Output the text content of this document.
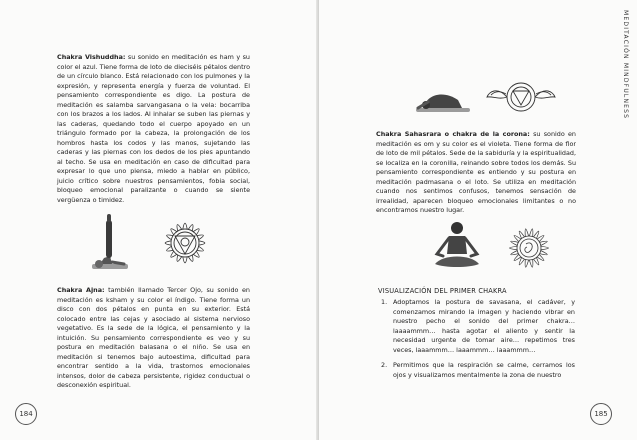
Chakra Vishuddha: su sonido en meditación es ham y su color el azul. Tiene forma de loto de dieciséis pétalos dentro de un círculo blanco. Está relacionado con los pulmones y la expresión, y representa energía y fuerza de voluntad. El pensamiento correspondiente es digo. La postura de meditación es salamba sarvangasana o la vela: bocarriba con los brazos a los lados. Al inhalar se suben las piernas y las caderas, quedando todo el cuerpo apoyado en un triángulo formado por la cabeza, la prolongación de los hombros hasta los codos y las manos, sujetando las caderas y las piernas con los dedos de los pies apuntando al techo. Se usa en meditación en caso de dificultad para expresar lo que uno piensa, miedo a hablar en público, juicio crítico sobre nuestros pensamientos, fobia social, bloqueo emocional paralizante o cuando se siente vergüenza o timidez.

Chakra Ajna: también llamado Tercer Ojo, su sonido en meditación es ksham y su color el índigo. Tiene forma un disco con dos pétalos en punta en su exterior. Está colocado entre las cejas y asociado al sistema nervioso vegetativo. Es la sede de la lógica, el pensamiento y la intuición. Su pensamiento correspondiente es veo y su postura en meditación balasana o el niño. Se usa en meditación si tenemos bajo autoestima, dificultad para encontrar sentido a la vida, trastornos emocionales intensos, dolor de cabeza persistente, rigidez conductual o desconexión espiritual.

184
MEDITACIÓN MINDFULNESS

Chakra Sahasrara o chakra de la corona: su sonido en meditación es om y su color es el violeta. Tiene forma de flor de loto de mil pétalos. Sede de la sabiduría y la espiritualidad, se localiza en la coronilla, reinando sobre todos los demás. Su pensamiento correspondiente es entiendo y su postura en meditación padmasana o el loto. Se utiliza en meditación cuando nos sentimos confusos, tenemos sensación de irrealidad, aparecen bloqueo emocionales limitantes o no encontramos nuestro lugar.

VISUALIZACIÓN DEL PRIMER CHAKRA
1. Adoptamos la postura de savasana, el cadáver, y comenzamos mirando la imagen y haciendo vibrar en nuestro pecho el sonido del primer chakra… laaaammm… hasta agotar el aliento y sentir la necesidad urgente de tomar aire… repetimos tres veces, laaammm… laaammm… laaammm…
2. Permitimos que la respiración se calme, cerramos los ojos y visualizamos mentalmente la zona de nuestro
185
